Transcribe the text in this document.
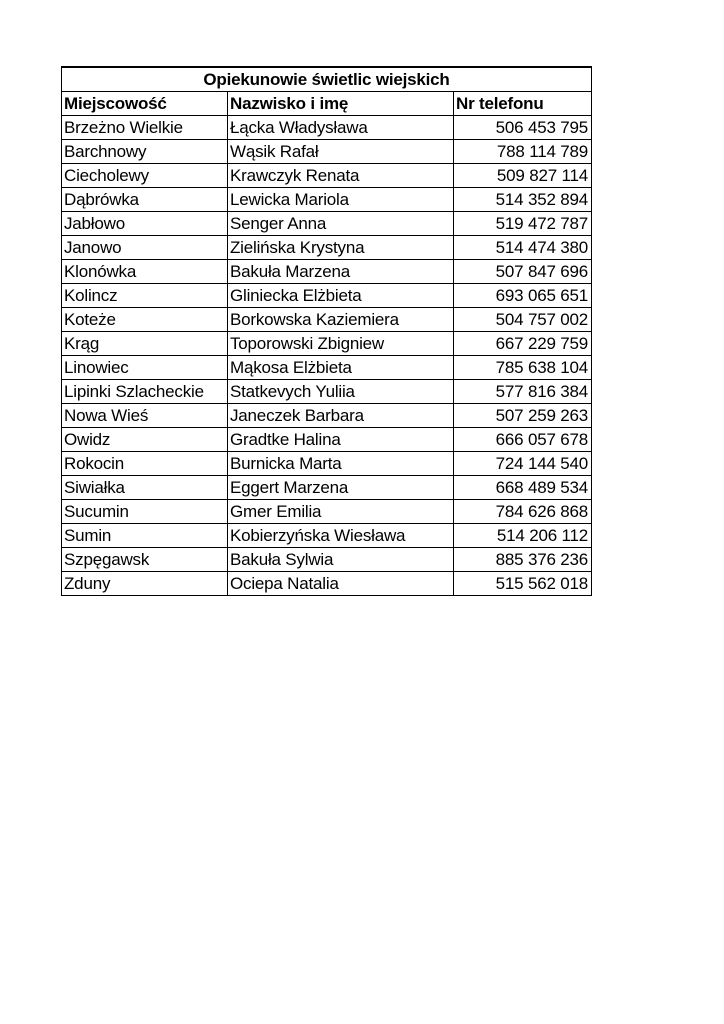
Opiekunowie świetlic wiejskich		
Miejscowość	Nazwisko i imę	Nr telefonu
Brzeżno Wielkie	Łącka Władysława	506 453 795
Barchnowy	Wąsik Rafał	788 114 789
Ciecholewy	Krawczyk Renata	509 827 114
Dąbrówka	Lewicka Mariola	514 352 894
Jabłowo	Senger Anna	519 472 787
Janowo	Zielińska Krystyna	514 474 380
Klonówka	Bakuła Marzena	507 847 696
Kolincz	Gliniecka Elżbieta	693 065 651
Koteże	Borkowska Kaziemiera	504 757 002
Krąg	Toporowski Zbigniew	667 229 759
Linowiec	Mąkosa Elżbieta	785 638 104
Lipinki Szlacheckie	Statkevych Yuliia	577 816 384
Nowa Wieś	Janeczek Barbara	507 259 263
Owidz	Gradtke Halina	666 057 678
Rokocin	Burnicka Marta	724 144 540
Siwiałka	Eggert Marzena	668 489 534
Sucumin	Gmer Emilia	784 626 868
Sumin	Kobierzyńska Wiesława	514 206 112
Szpęgawsk	Bakuła Sylwia	885 376 236
Zduny	Ociepa Natalia	515 562 018
